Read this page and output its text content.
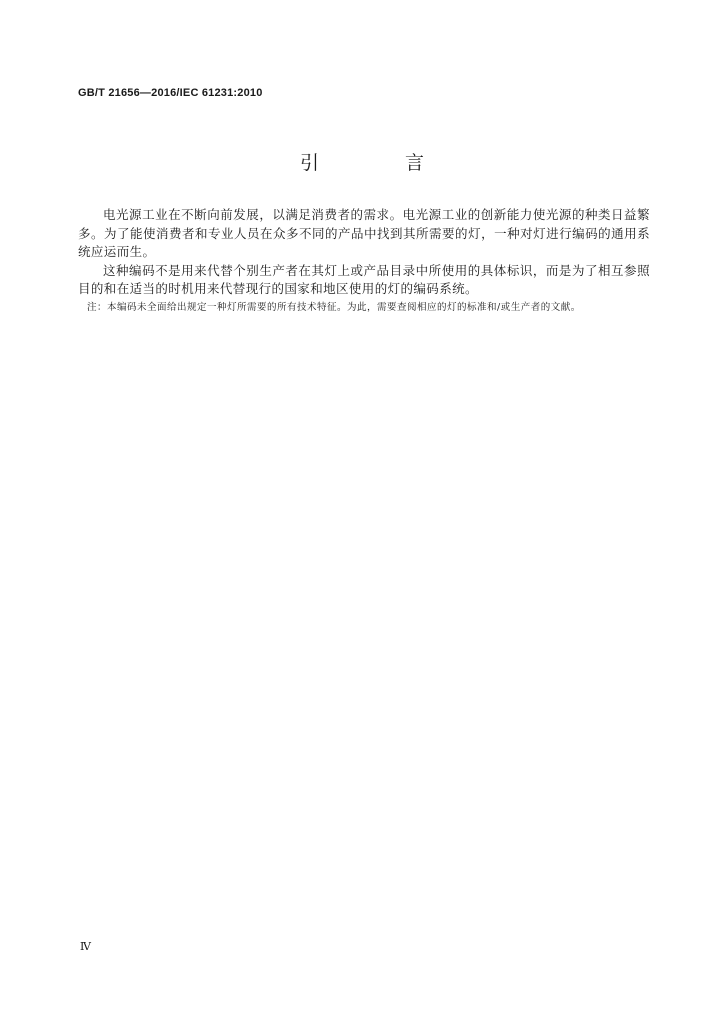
GB/T 21656—2016/IEC 61231:2010
引 言

电光源工业在不断向前发展，以满足消费者的需求。电光源工业的创新能力使光源的种类日益繁多。为了能使消费者和专业人员在众多不同的产品中找到其所需要的灯，一种对灯进行编码的通用系统应运而生。

这种编码不是用来代替个别生产者在其灯上或产品目录中所使用的具体标识，而是为了相互参照目的和在适当的时机用来代替现行的国家和地区使用的灯的编码系统。

注：本编码未全面给出规定一种灯所需要的所有技术特征。为此，需要查阅相应的灯的标准和/或生产者的文献。

Ⅳ
